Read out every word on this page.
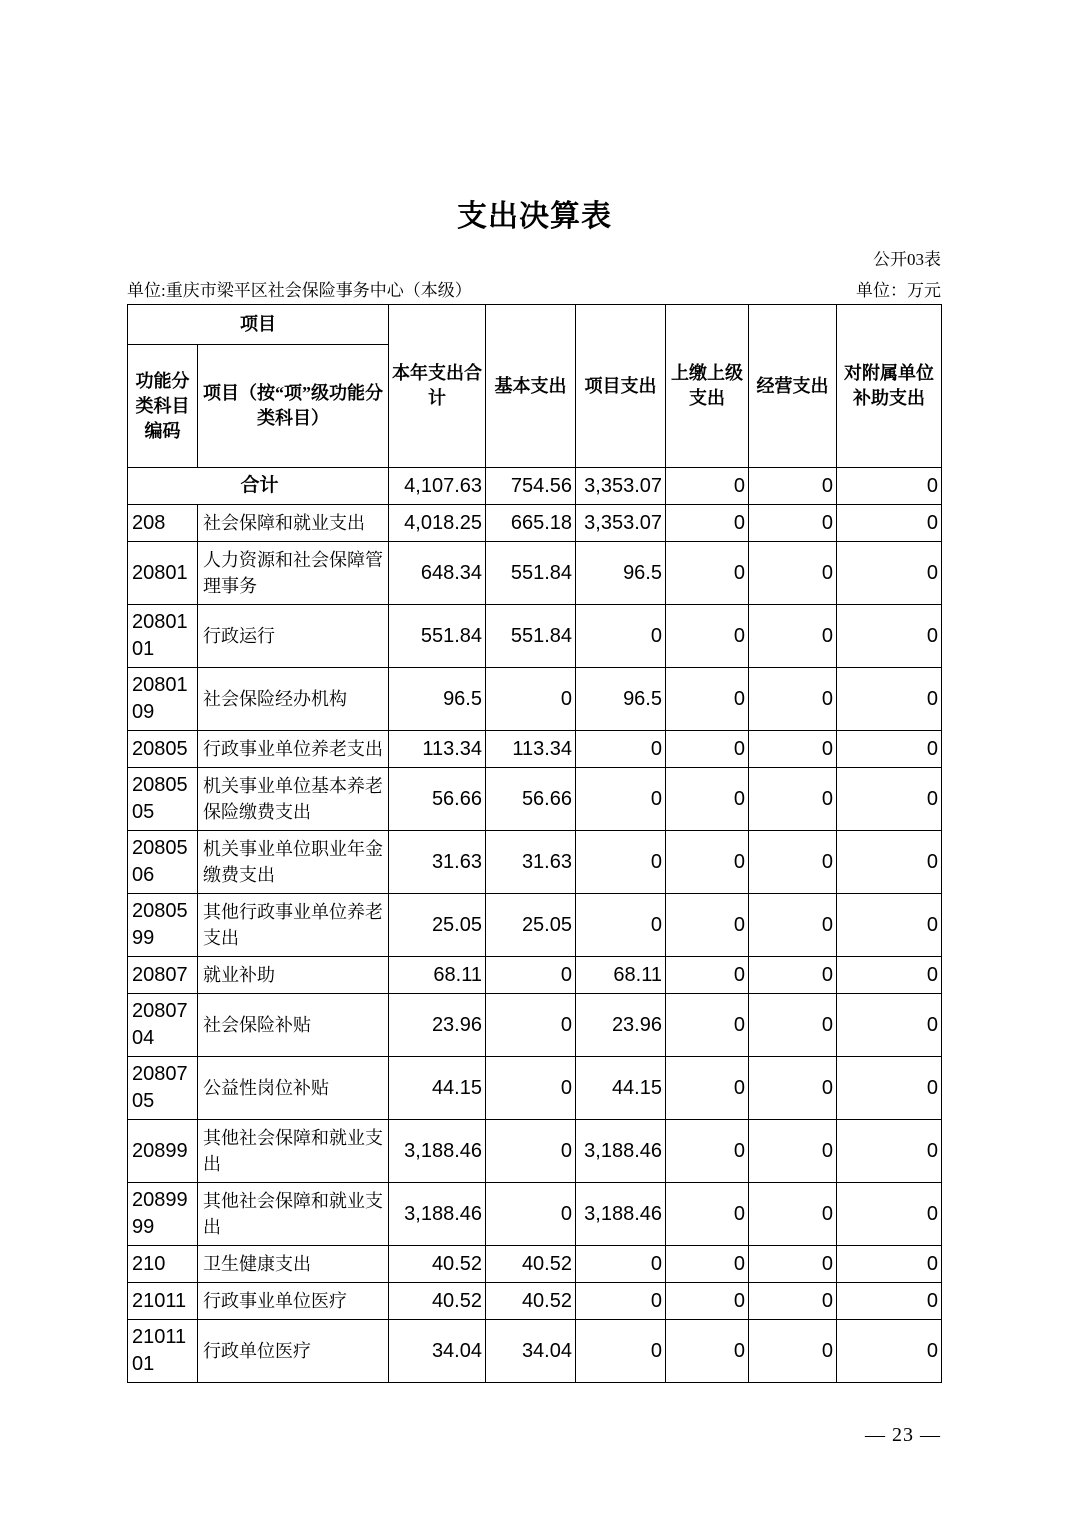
支出决算表
公开03表
单位:重庆市梁平区社会保险事务中心（本级）	单位：万元
项目		本年支出合计	基本支出	项目支出	上缴上级支出	经营支出	对附属单位补助支出
功能分类科目编码	项目（按“项”级功能分类科目）						
合计		4,107.63	754.56	3,353.07	0	0	0
208	社会保障和就业支出	4,018.25	665.18	3,353.07	0	0	0
20801	人力资源和社会保障管理事务	648.34	551.84	96.5	0	0	0
2080101	行政运行	551.84	551.84	0	0	0	0
2080109	社会保险经办机构	96.5	0	96.5	0	0	0
20805	行政事业单位养老支出	113.34	113.34	0	0	0	0
2080505	机关事业单位基本养老保险缴费支出	56.66	56.66	0	0	0	0
2080506	机关事业单位职业年金缴费支出	31.63	31.63	0	0	0	0
2080599	其他行政事业单位养老支出	25.05	25.05	0	0	0	0
20807	就业补助	68.11	0	68.11	0	0	0
2080704	社会保险补贴	23.96	0	23.96	0	0	0
2080705	公益性岗位补贴	44.15	0	44.15	0	0	0
20899	其他社会保障和就业支出	3,188.46	0	3,188.46	0	0	0
2089999	其他社会保障和就业支出	3,188.46	0	3,188.46	0	0	0
210	卫生健康支出	40.52	40.52	0	0	0	0
21011	行政事业单位医疗	40.52	40.52	0	0	0	0
2101101	行政单位医疗	34.04	34.04	0	0	0	0
— 23 —
